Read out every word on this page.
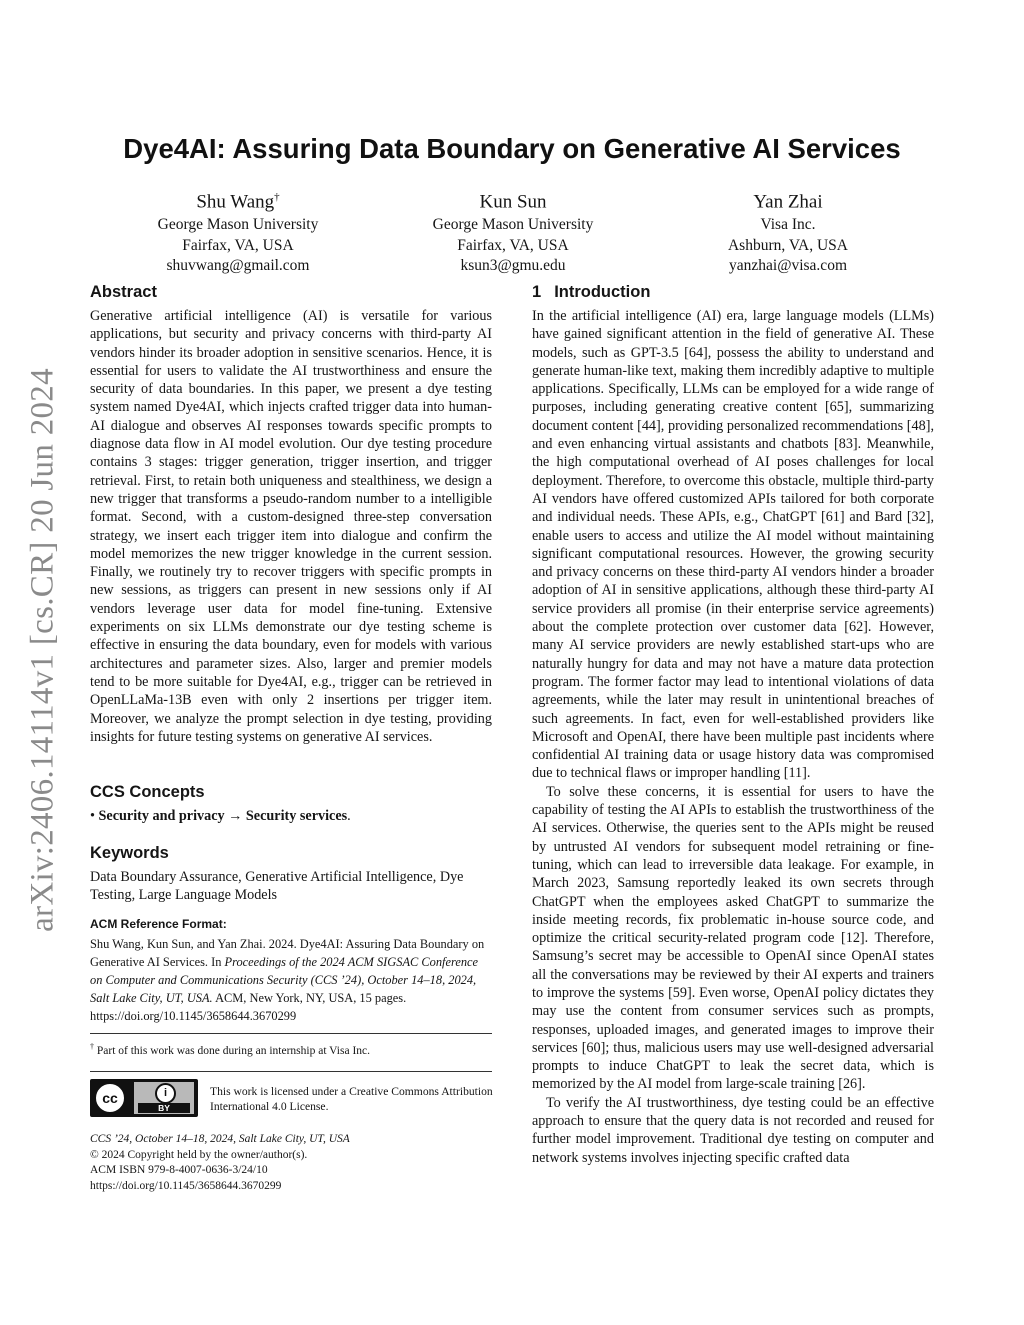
arXiv:2406.14114v1 [cs.CR] 20 Jun 2024
Dye4AI: Assuring Data Boundary on Generative AI Services
Shu Wang†
George Mason University
Fairfax, VA, USA
shuvwang@gmail.com
Kun Sun
George Mason University
Fairfax, VA, USA
ksun3@gmu.edu
Yan Zhai
Visa Inc.
Ashburn, VA, USA
yanzhai@visa.com
Abstract

Generative artificial intelligence (AI) is versatile for various applications, but security and privacy concerns with third-party AI vendors hinder its broader adoption in sensitive scenarios. Hence, it is essential for users to validate the AI trustworthiness and ensure the security of data boundaries. In this paper, we present a dye testing system named Dye4AI, which injects crafted trigger data into human-AI dialogue and observes AI responses towards specific prompts to diagnose data flow in AI model evolution. Our dye testing procedure contains 3 stages: trigger generation, trigger insertion, and trigger retrieval. First, to retain both uniqueness and stealthiness, we design a new trigger that transforms a pseudo-random number to a intelligible format. Second, with a custom-designed three-step conversation strategy, we insert each trigger item into dialogue and confirm the model memorizes the new trigger knowledge in the current session. Finally, we routinely try to recover triggers with specific prompts in new sessions, as triggers can present in new sessions only if AI vendors leverage user data for model fine-tuning. Extensive experiments on six LLMs demonstrate our dye testing scheme is effective in ensuring the data boundary, even for models with various architectures and parameter sizes. Also, larger and premier models tend to be more suitable for Dye4AI, e.g., trigger can be retrieved in OpenLLaMa-13B even with only 2 insertions per trigger item. Moreover, we analyze the prompt selection in dye testing, providing insights for future testing systems on generative AI services.

CCS Concepts

• Security and privacy → Security services.

Keywords

Data Boundary Assurance, Generative Artificial Intelligence, Dye Testing, Large Language Models

ACM Reference Format:
Shu Wang, Kun Sun, and Yan Zhai. 2024. Dye4AI: Assuring Data Boundary on Generative AI Services. In Proceedings of the 2024 ACM SIGSAC Conference on Computer and Communications Security (CCS ’24), October 14–18, 2024, Salt Lake City, UT, USA. ACM, New York, NY, USA, 15 pages. https://doi.org/10.1145/3658644.3670299
† Part of this work was done during an internship at Visa Inc.
cc	i
BY
This work is licensed under a Creative Commons Attribution International 4.0 License.
CCS ’24, October 14–18, 2024, Salt Lake City, UT, USA
© 2024 Copyright held by the owner/author(s).
ACM ISBN 979-8-4007-0636-3/24/10
https://doi.org/10.1145/3658644.3670299
1 Introduction

In the artificial intelligence (AI) era, large language models (LLMs) have gained significant attention in the field of generative AI. These models, such as GPT-3.5 [64], possess the ability to understand and generate human-like text, making them incredibly adaptive to multiple applications. Specifically, LLMs can be employed for a wide range of purposes, including generating creative content [65], summarizing document content [44], providing personalized recommendations [48], and even enhancing virtual assistants and chatbots [83]. Meanwhile, the high computational overhead of AI poses challenges for local deployment. Therefore, to overcome this obstacle, multiple third-party AI vendors have offered customized APIs tailored for both corporate and individual needs. These APIs, e.g., ChatGPT [61] and Bard [32], enable users to access and utilize the AI model without maintaining significant computational resources. However, the growing security and privacy concerns on these third-party AI vendors hinder a broader adoption of AI in sensitive applications, although these third-party AI service providers all promise (in their enterprise service agreements) about the complete protection over customer data [62]. However, many AI service providers are newly established start-ups who are naturally hungry for data and may not have a mature data protection program. The former factor may lead to intentional violations of data agreements, while the later may result in unintentional breaches of such agreements. In fact, even for well-established providers like Microsoft and OpenAI, there have been multiple past incidents where confidential AI training data or usage history data was compromised due to technical flaws or improper handling [11].

To solve these concerns, it is essential for users to have the capability of testing the AI APIs to establish the trustworthiness of the AI services. Otherwise, the queries sent to the APIs might be reused by untrusted AI vendors for subsequent model retraining or fine-tuning, which can lead to irreversible data leakage. For example, in March 2023, Samsung reportedly leaked its own secrets through ChatGPT when the employees asked ChatGPT to summarize the inside meeting records, fix problematic in-house source code, and optimize the critical security-related program code [12]. Therefore, Samsung’s secret may be accessible to OpenAI since OpenAI states all the conversations may be reviewed by their AI experts and trainers to improve the systems [59]. Even worse, OpenAI policy dictates they may use the content from consumer services such as prompts, responses, uploaded images, and generated images to improve their services [60]; thus, malicious users may use well-designed adversarial prompts to induce ChatGPT to leak the secret data, which is memorized by the AI model from large-scale training [26].

To verify the AI trustworthiness, dye testing could be an effective approach to ensure that the query data is not recorded and reused for further model improvement. Traditional dye testing on computer and network systems involves injecting specific crafted data
